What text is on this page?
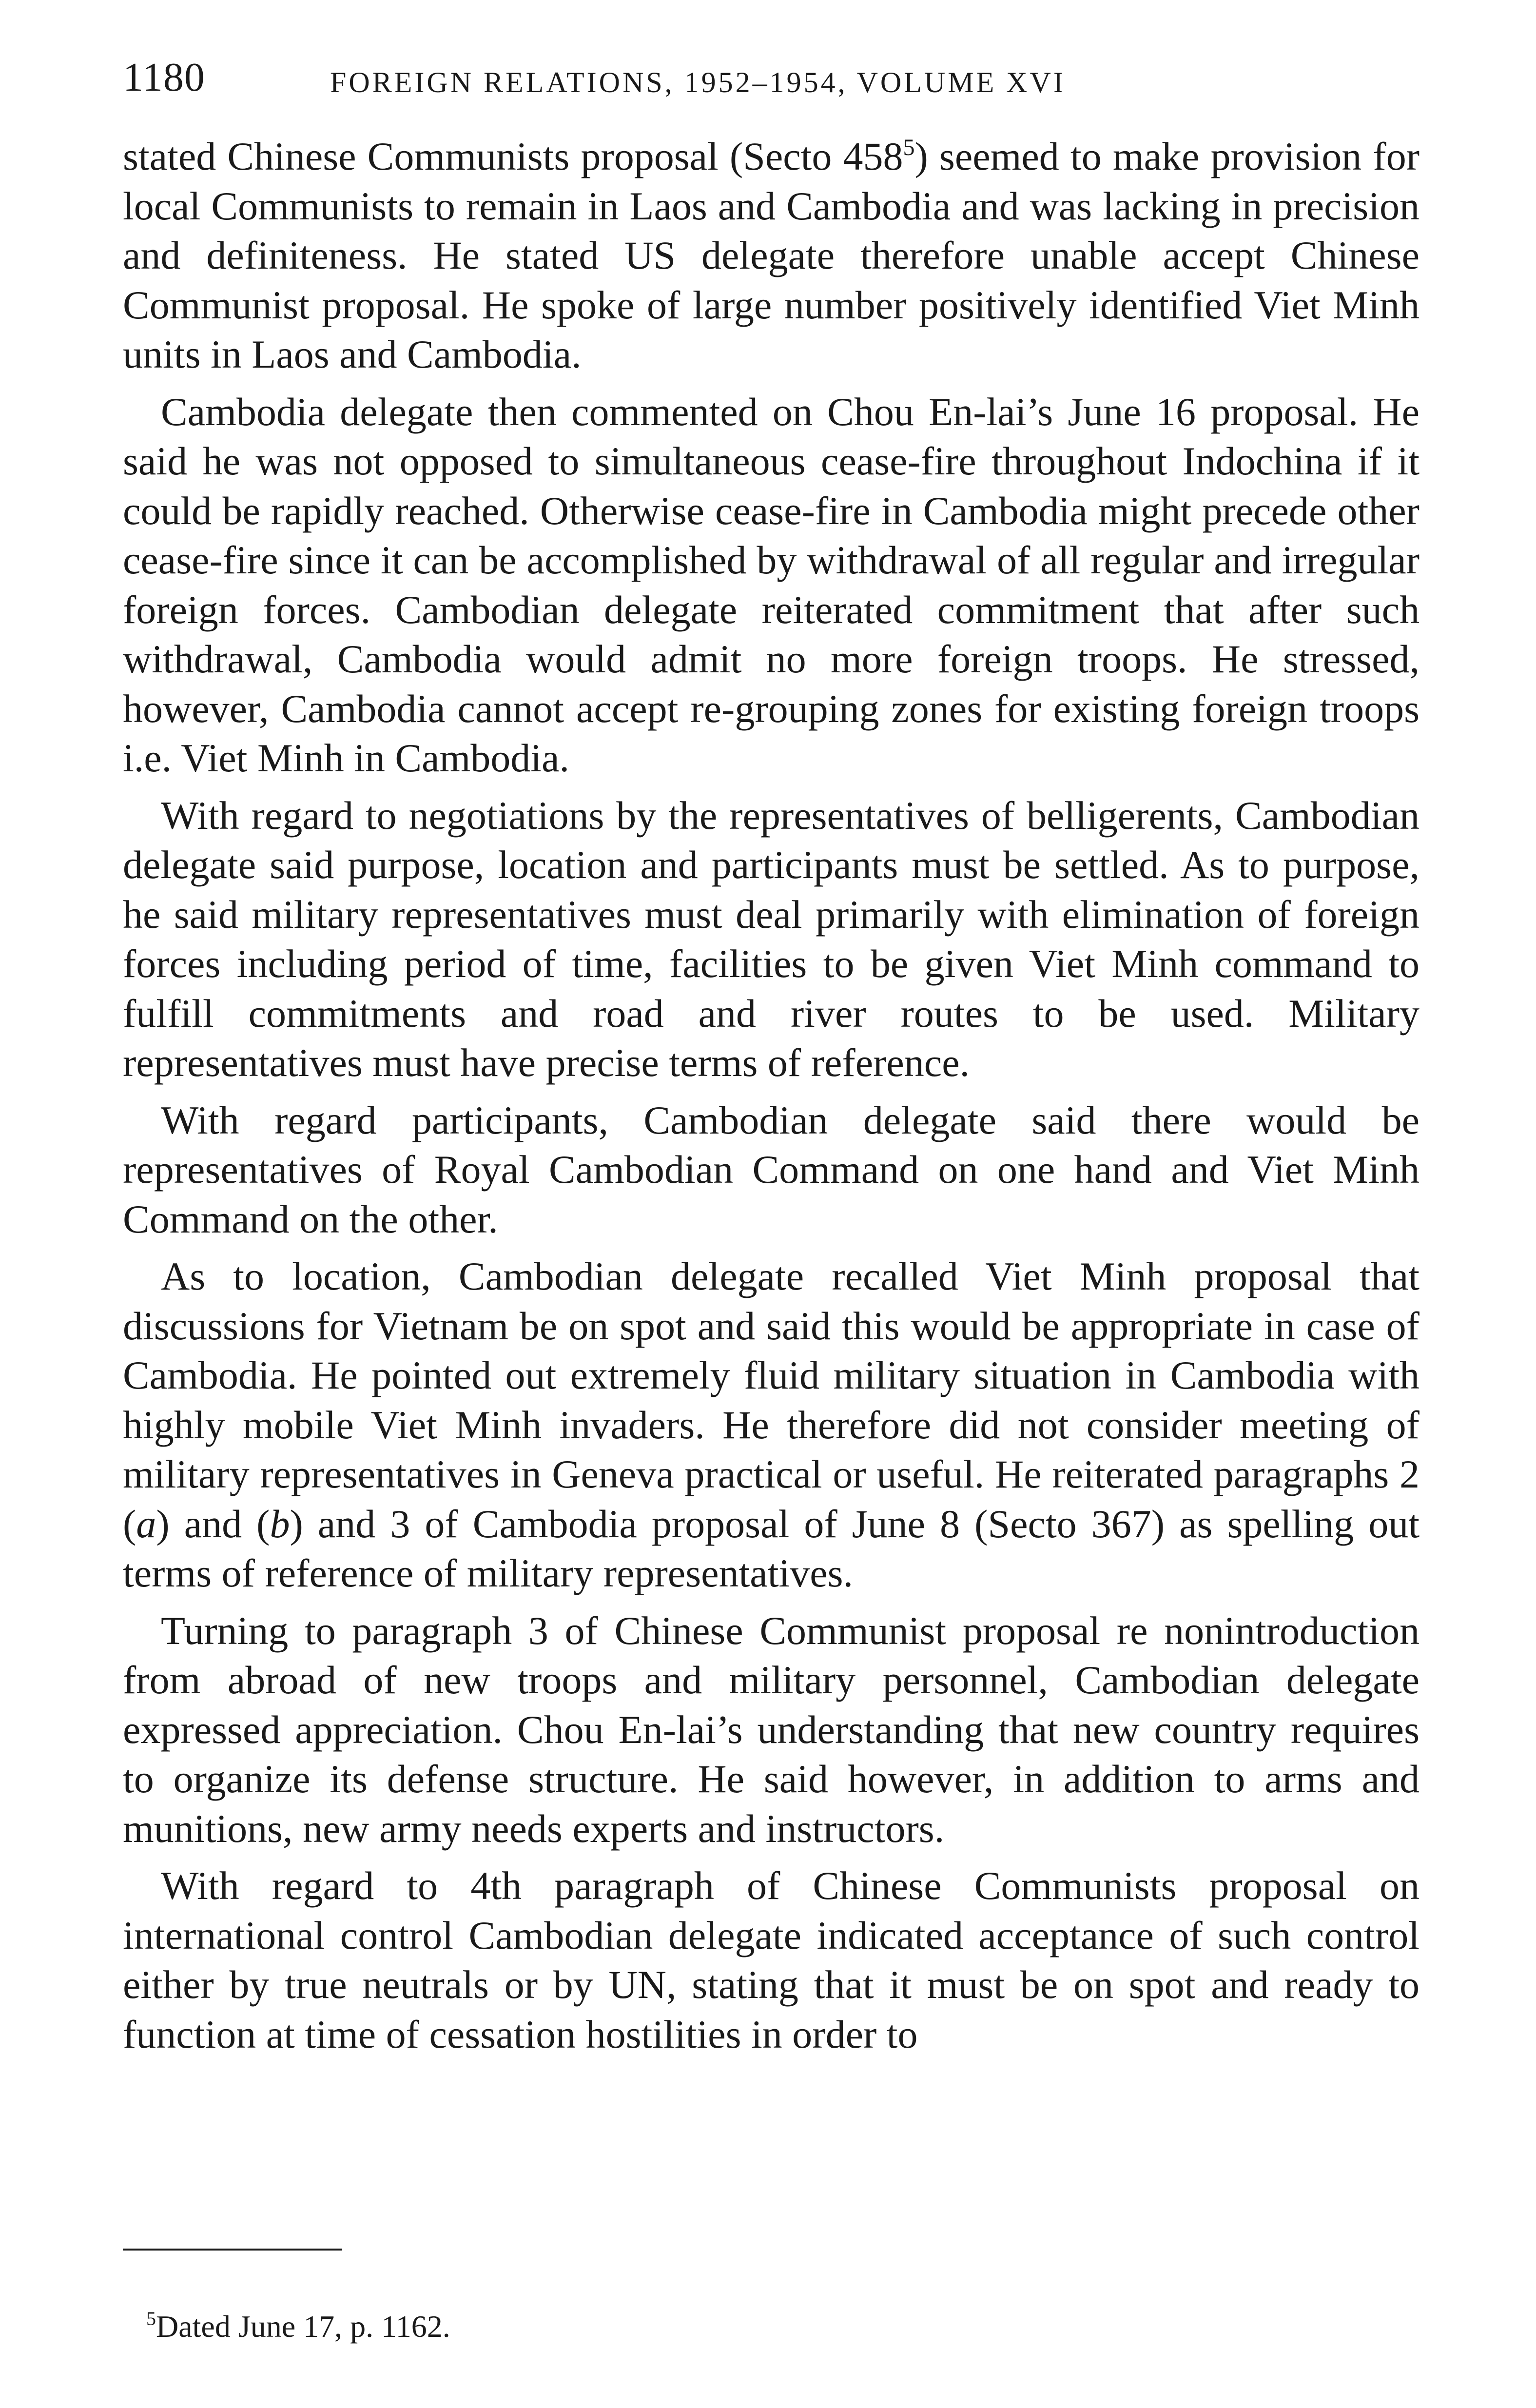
1180	FOREIGN RELATIONS, 1952–1954, VOLUME XVI

stated Chinese Communists proposal (Secto $458^5$) seemed to make provision for local Communists to remain in Laos and Cambodia and was lacking in precision and definiteness. He stated US delegate therefore unable accept Chinese Communist proposal. He spoke of large number positively identified Viet Minh units in Laos and Cambodia.

Cambodia delegate then commented on Chou En-lai’s June 16 proposal. He said he was not opposed to simultaneous cease-fire throughout Indochina if it could be rapidly reached. Otherwise cease-fire in Cambodia might precede other cease-fire since it can be accomplished by withdrawal of all regular and irregular foreign forces. Cambodian delegate reiterated commitment that after such withdrawal, Cambodia would admit no more foreign troops. He stressed, however, Cambodia cannot accept re-grouping zones for existing foreign troops i.e. Viet Minh in Cambodia.

With regard to negotiations by the representatives of belligerents, Cambodian delegate said purpose, location and participants must be settled. As to purpose, he said military representatives must deal primarily with elimination of foreign forces including period of time, facilities to be given Viet Minh command to fulfill commitments and road and river routes to be used. Military representatives must have precise terms of reference.

With regard participants, Cambodian delegate said there would be representatives of Royal Cambodian Command on one hand and Viet Minh Command on the other.

As to location, Cambodian delegate recalled Viet Minh proposal that discussions for Vietnam be on spot and said this would be appropriate in case of Cambodia. He pointed out extremely fluid military situation in Cambodia with highly mobile Viet Minh invaders. He therefore did not consider meeting of military representatives in Geneva practical or useful. He reiterated paragraphs 2 (a) and (b) and 3 of Cambodia proposal of June 8 (Secto 367) as spelling out terms of reference of military representatives.

Turning to paragraph 3 of Chinese Communist proposal re nonintroduction from abroad of new troops and military personnel, Cambodian delegate expressed appreciation. Chou En-lai’s understanding that new country requires to organize its defense structure. He said however, in addition to arms and munitions, new army needs experts and instructors.

With regard to 4th paragraph of Chinese Communists proposal on international control Cambodian delegate indicated acceptance of such control either by true neutrals or by UN, stating that it must be on spot and ready to function at time of cessation hostilities in order to

$^5$Dated June 17, p. 1162.
